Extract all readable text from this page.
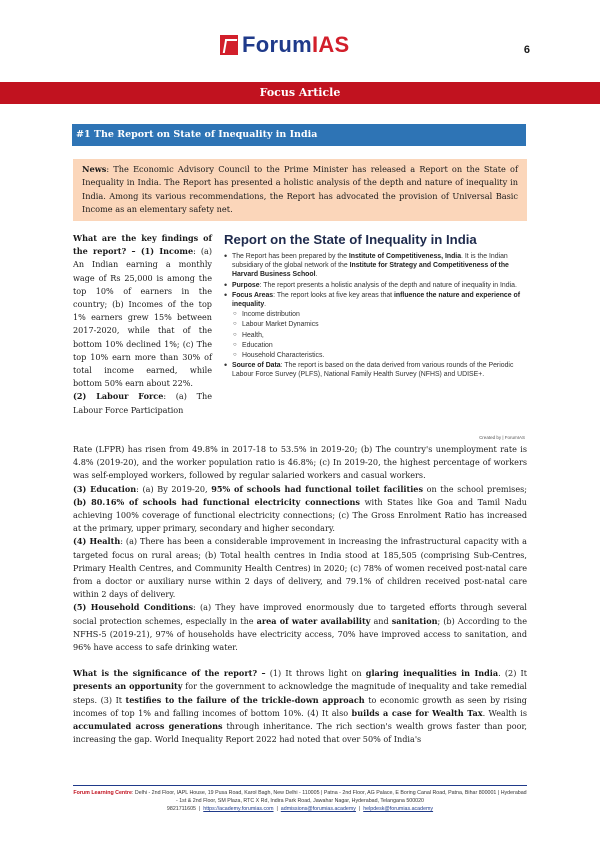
ForumIAS	6
Focus Article
#1 The Report on State of Inequality in India
News: The Economic Advisory Council to the Prime Minister has released a Report on the State of Inequality in India. The Report has presented a holistic analysis of the depth and nature of inequality in India. Among its various recommendations, the Report has advocated the provision of Universal Basic Income as an elementary safety net.
What are the key findings of the report? – (1) Income: (a) An Indian earning a monthly wage of Rs 25,000 is among the top 10% of earners in the country; (b) Incomes of the top 1% earners grew 15% between 2017-2020, while that of the bottom 10% declined 1%; (c) The top 10% earn more than 30% of total income earned, while bottom 50% earn about 22%.
(2) Labour Force: (a) The Labour Force Participation
Report on the State of Inequality in India
• The Report has been prepared by the Institute of Competitiveness, India. It is the Indian subsidiary of the global network of the Institute for Strategy and Competitiveness of the Harvard Business School.
• Purpose: The report presents a holistic analysis of the depth and nature of inequality in India.
• Focus Areas: The report looks at five key areas that influence the nature and experience of inequality.
○ Income distribution
○ Labour Market Dynamics
○ Health,
○ Education
○ Household Characteristics.
• Source of Data: The report is based on the data derived from various rounds of the Periodic Labour Force Survey (PLFS), National Family Health Survey (NFHS) and UDISE+.
Created by | ForumIAS

Rate (LFPR) has risen from 49.8% in 2017-18 to 53.5% in 2019-20; (b) The country's unemployment rate is 4.8% (2019-20), and the worker population ratio is 46.8%; (c) In 2019-20, the highest percentage of workers was self-employed workers, followed by regular salaried workers and casual workers.

(3) Education: (a) By 2019-20, 95% of schools had functional toilet facilities on the school premises; (b) 80.16% of schools had functional electricity connections with States like Goa and Tamil Nadu achieving 100% coverage of functional electricity connections; (c) The Gross Enrolment Ratio has increased at the primary, upper primary, secondary and higher secondary.

(4) Health: (a) There has been a considerable improvement in increasing the infrastructural capacity with a targeted focus on rural areas; (b) Total health centres in India stood at 185,505 (comprising Sub-Centres, Primary Health Centres, and Community Health Centres) in 2020; (c) 78% of women received post-natal care from a doctor or auxiliary nurse within 2 days of delivery, and 79.1% of children received post-natal care within 2 days of delivery.

(5) Household Conditions: (a) They have improved enormously due to targeted efforts through several social protection schemes, especially in the area of water availability and sanitation; (b) According to the NFHS-5 (2019-21), 97% of households have electricity access, 70% have improved access to sanitation, and 96% have access to safe drinking water.

What is the significance of the report? – (1) It throws light on glaring inequalities in India. (2) It presents an opportunity for the government to acknowledge the magnitude of inequality and take remedial steps. (3) It testifies to the failure of the trickle-down approach to economic growth as seen by rising incomes of top 1% and falling incomes of bottom 10%. (4) It also builds a case for Wealth Tax. Wealth is accumulated across generations through inheritance. The rich section's wealth grows faster than poor, increasing the gap. World Inequality Report 2022 had noted that over 50% of India's

Forum Learning Centre: Delhi - 2nd Floor, IAPL House, 19 Pusa Road, Karol Bagh, New Delhi - 110005 | Patna - 2nd Floor, AG Palace, E Boring Canal Road, Patna, Bihar 800001 | Hyderabad - 1st & 2nd Floor, SM Plaza, RTC X Rd, Indira Park Road, Jawahar Nagar, Hyderabad, Telangana 500020
9821711605  |  https://academy.forumias.com  |  admissions@forumias.academy  |  helpdesk@forumias.academy
